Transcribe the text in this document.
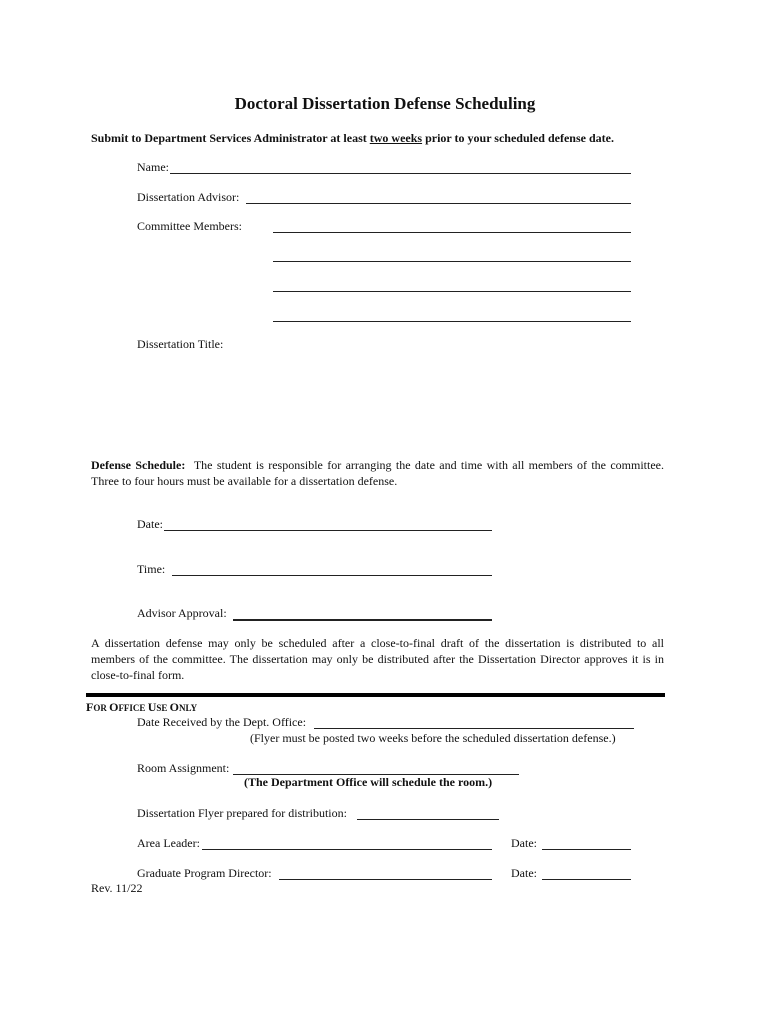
Doctoral Dissertation Defense Scheduling
Submit to Department Services Administrator at least two weeks prior to your scheduled defense date.
Name:
Dissertation Advisor:
Committee Members:
Dissertation Title:
Defense Schedule: The student is responsible for arranging the date and time with all members of the committee. Three to four hours must be available for a dissertation defense.
Date:
Time:
Advisor Approval:
A dissertation defense may only be scheduled after a close-to-final draft of the dissertation is distributed to all members of the committee. The dissertation may only be distributed after the Dissertation Director approves it is in close-to-final form.
FOR OFFICE USE ONLY
Date Received by the Dept. Office:
(Flyer must be posted two weeks before the scheduled dissertation defense.)
Room Assignment:
(The Department Office will schedule the room.)
Dissertation Flyer prepared for distribution:
Area Leader:	Date:
Graduate Program Director:	Date:
Rev. 11/22
